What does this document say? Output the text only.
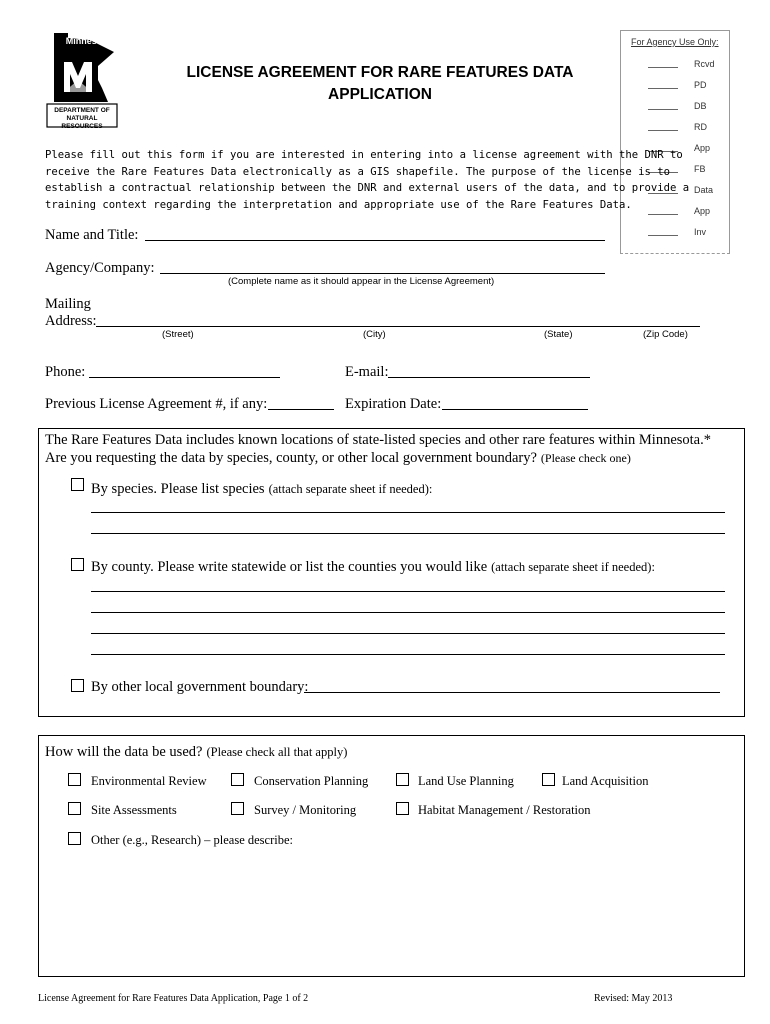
Minnesota
DEPARTMENT OF
NATURAL RESOURCES
LICENSE AGREEMENT FOR RARE FEATURES DATA
APPLICATION
For Agency Use Only:
Rcvd
PD
DB
RD
App
FB
Data
App
Inv
Please fill out this form if you are interested in entering into a license agreement with the DNR to
receive the Rare Features Data electronically as a GIS shapefile. The purpose of the license is to
establish a contractual relationship between the DNR and external users of the data, and to provide a
training context regarding the interpretation and appropriate use of the Rare Features Data.
Name and Title:
Agency/Company:
(Complete name as it should appear in the License Agreement)
Mailing
Address:
(Street)	(City)	(State)	(Zip Code)
Phone:	E-mail:
Previous License Agreement #, if any:	Expiration Date:
The Rare Features Data includes known locations of state-listed species and other rare features within Minnesota.*
Are you requesting the data by species, county, or other local government boundary? (Please check one)
By species. Please list species (attach separate sheet if needed):
By county. Please write statewide or list the counties you would like (attach separate sheet if needed):
By other local government boundary:
How will the data be used? (Please check all that apply)
Environmental Review	Conservation Planning	Land Use Planning	Land Acquisition
Site Assessments	Survey / Monitoring	Habitat Management / Restoration
Other (e.g., Research) – please describe:
License Agreement for Rare Features Data Application, Page 1 of 2	Revised: May 2013
